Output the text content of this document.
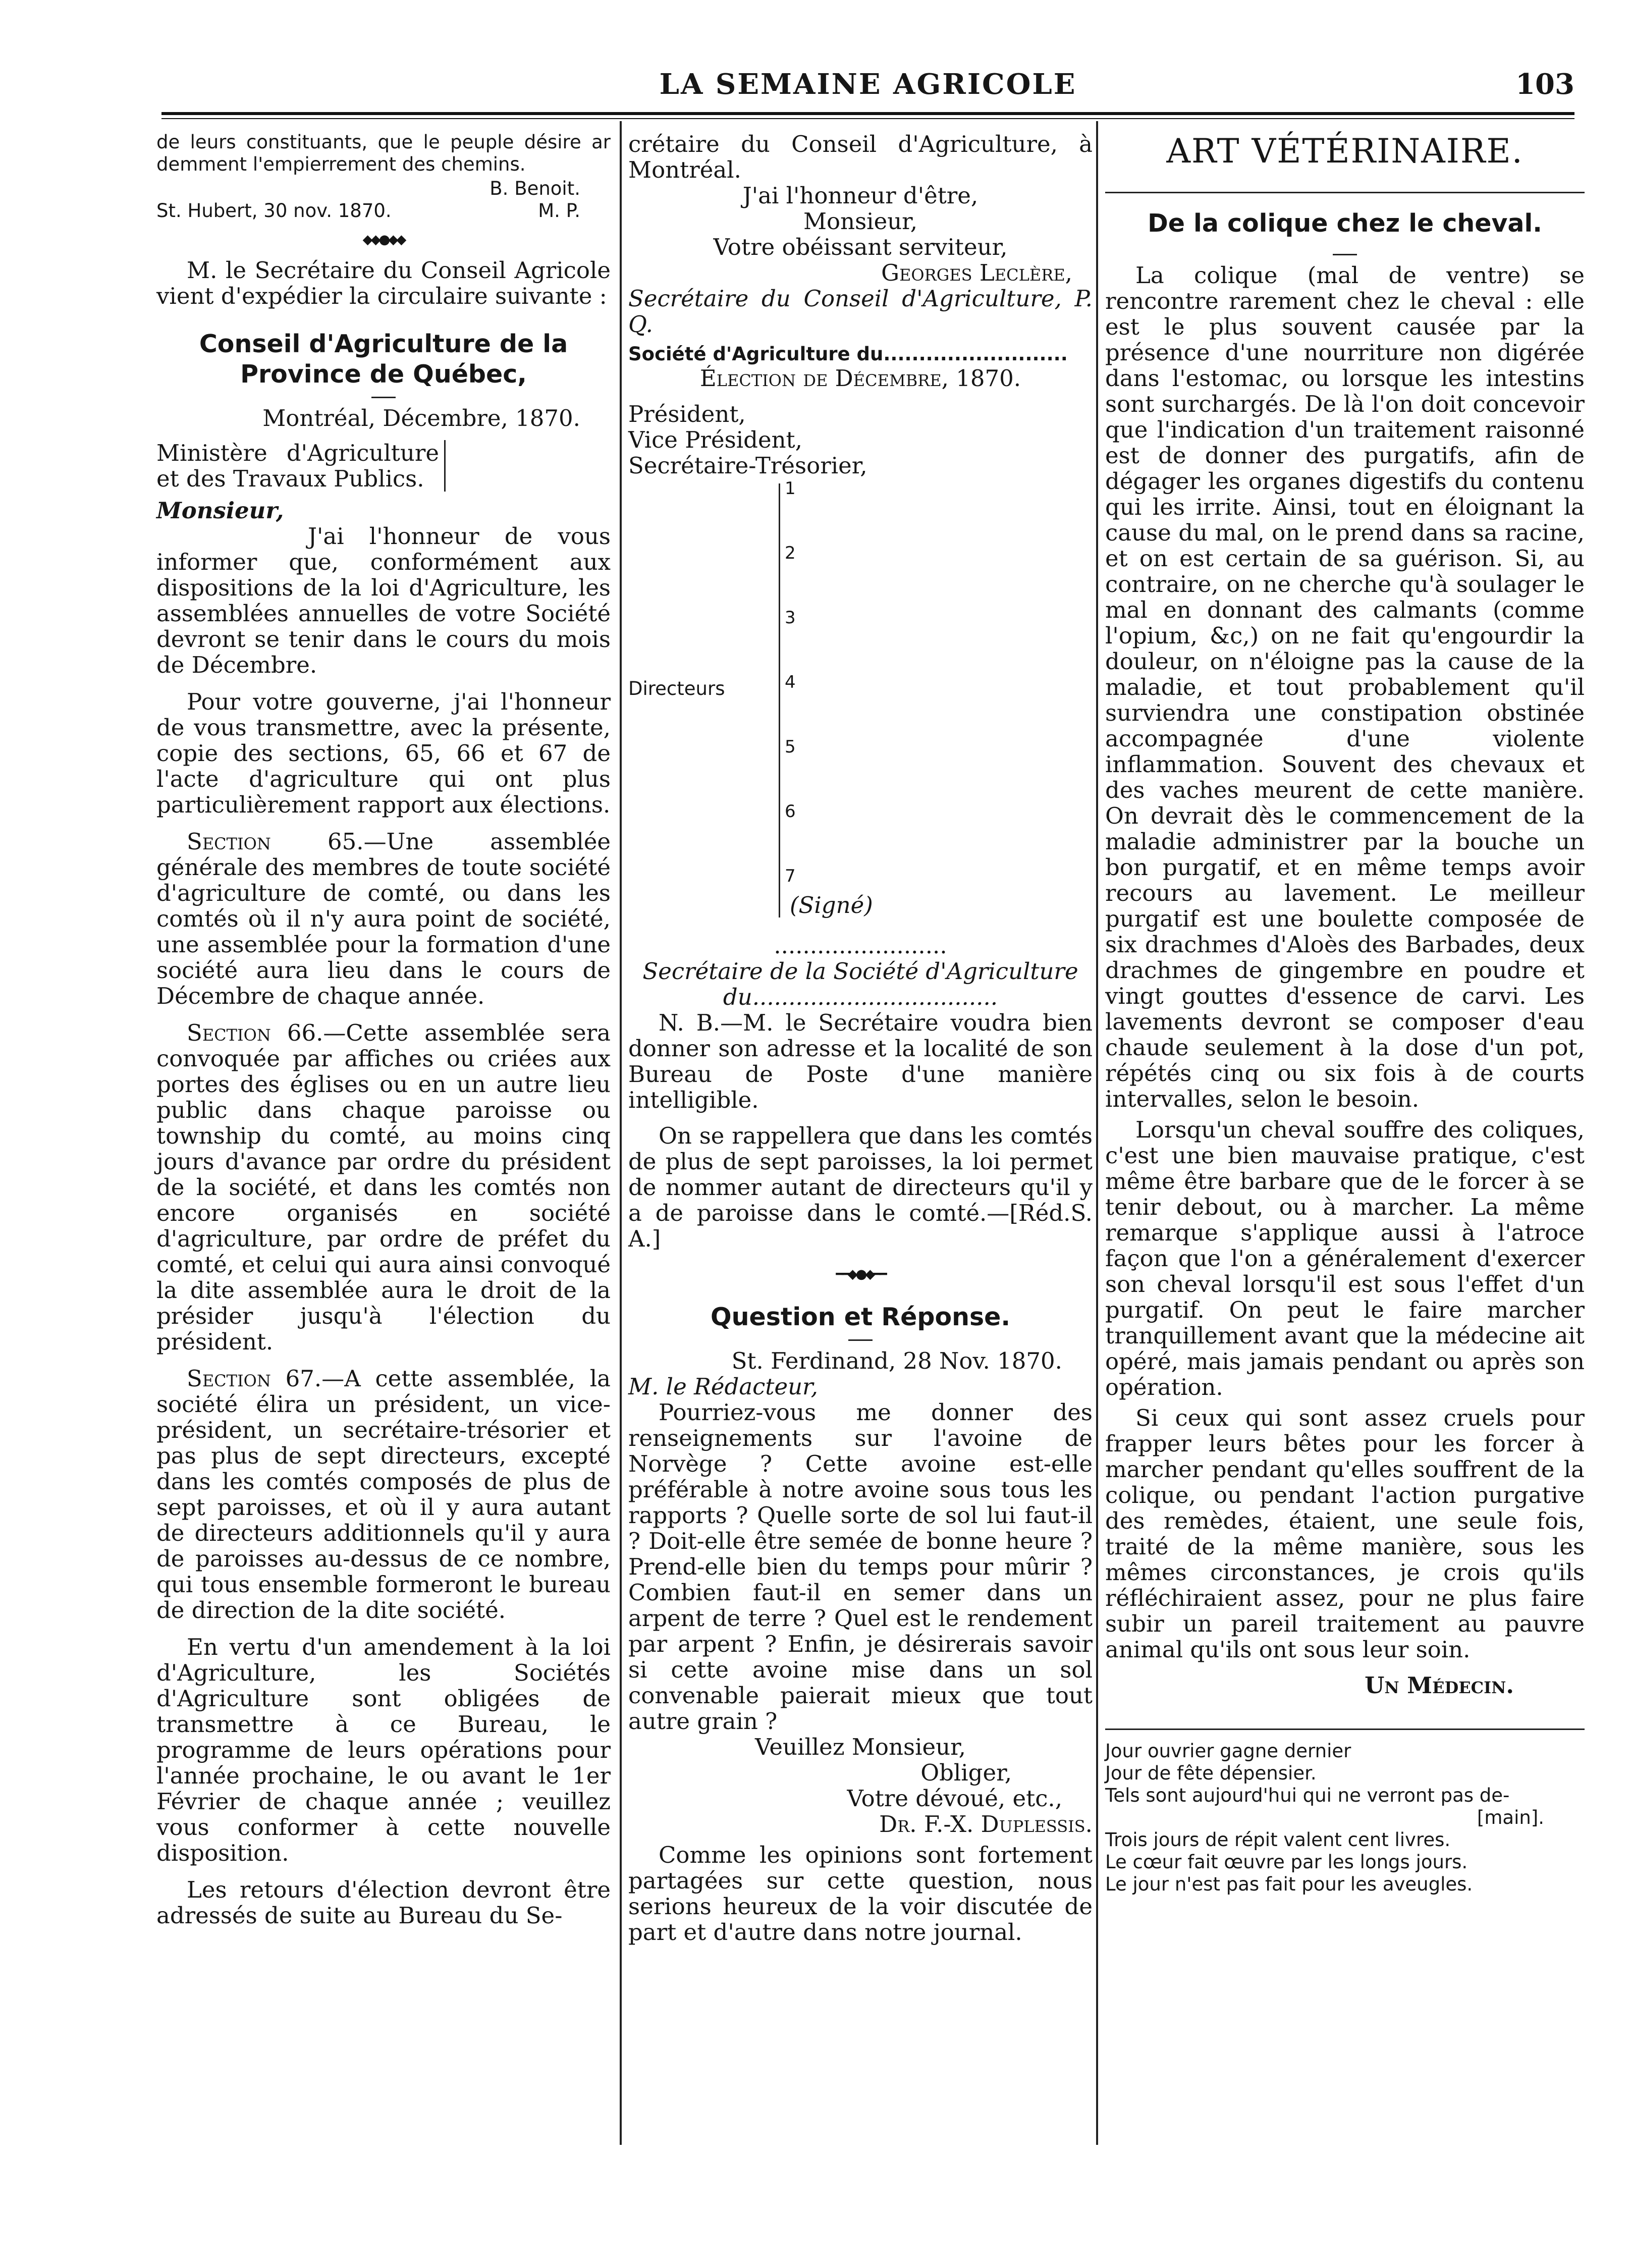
LA SEMAINE AGRICOLE	103

de leurs constituants, que le peuple désire ar demment l'empierrement des chemins.

B. Benoit.

St. Hubert, 30 nov. 1870.	M. P.
◆◆●◆◆

M. le Secrétaire du Conseil Agricole vient d'expédier la circulaire suivante :

Conseil d'Agriculture de la Province de Québec,

Montréal, Décembre, 1870.

Ministère d'Agriculture et des Travaux Publics.

Monsieur,

J'ai l'honneur de vous informer que, conformément aux dispositions de la loi d'Agriculture, les assemblées annuelles de votre Société devront se tenir dans le cours du mois de Décembre.

Pour votre gouverne, j'ai l'honneur de vous transmettre, avec la présente, copie des sections, 65, 66 et 67 de l'acte d'agriculture qui ont plus particulièrement rapport aux élections.

Section 65.—Une assemblée générale des membres de toute société d'agriculture de comté, ou dans les comtés où il n'y aura point de société, une assemblée pour la formation d'une société aura lieu dans le cours de Décembre de chaque année.

Section 66.—Cette assemblée sera convoquée par affiches ou criées aux portes des églises ou en un autre lieu public dans chaque paroisse ou township du comté, au moins cinq jours d'avance par ordre du président de la société, et dans les comtés non encore organisés en société d'agriculture, par ordre de préfet du comté, et celui qui aura ainsi convoqué la dite assemblée aura le droit de la présider jusqu'à l'élection du président.

Section 67.—A cette assemblée, la société élira un président, un vice-président, un secrétaire-trésorier et pas plus de sept directeurs, excepté dans les comtés composés de plus de sept paroisses, et où il y aura autant de directeurs additionnels qu'il y aura de paroisses au-dessus de ce nombre, qui tous ensemble formeront le bureau de direction de la dite société.

En vertu d'un amendement à la loi d'Agriculture, les Sociétés d'Agriculture sont obligées de transmettre à ce Bureau, le programme de leurs opérations pour l'année prochaine, le ou avant le 1er Février de chaque année ; veuillez vous conformer à cette nouvelle disposition.

Les retours d'élection devront être adressés de suite au Bureau du Se-

crétaire du Conseil d'Agriculture, à Montréal.

J'ai l'honneur d'être,

Monsieur,

Votre obéissant serviteur,

Georges Leclère,

Secrétaire du Conseil d'Agriculture, P. Q.

Société d'Agriculture du..........................

Élection de Décembre, 1870.

Président,

Vice Président,

Secrétaire-Trésorier,

Directeurs
1
2
3
4
5
6
7
(Signé)

........................

Secrétaire de la Société d'Agriculture

du..................................

N. B.—M. le Secrétaire voudra bien donner son adresse et la localité de son Bureau de Poste d'une manière intelligible.

On se rappellera que dans les comtés de plus de sept paroisses, la loi permet de nommer autant de directeurs qu'il y a de paroisse dans le comté.—[Réd.S. A.]

━━◆●◆━━
Question et Réponse.

St. Ferdinand, 28 Nov. 1870.

M. le Rédacteur,

Pourriez-vous me donner des renseignements sur l'avoine de Norvège ? Cette avoine est-elle préférable à notre avoine sous tous les rapports ? Quelle sorte de sol lui faut-il ? Doit-elle être semée de bonne heure ? Prend-elle bien du temps pour mûrir ? Combien faut-il en semer dans un arpent de terre ? Quel est le rendement par arpent ? Enfin, je désirerais savoir si cette avoine mise dans un sol convenable paierait mieux que tout autre grain ?

Veuillez Monsieur,

Obliger,

Votre dévoué, etc.,

Dr. F.-X. Duplessis.

Comme les opinions sont fortement partagées sur cette question, nous serions heureux de la voir discutée de part et d'autre dans notre journal.

ART VÉTÉRINAIRE.
De la colique chez le cheval.

La colique (mal de ventre) se rencontre rarement chez le cheval : elle est le plus souvent causée par la présence d'une nourriture non digérée dans l'estomac, ou lorsque les intestins sont surchargés. De là l'on doit concevoir que l'indication d'un traitement raisonné est de donner des purgatifs, afin de dégager les organes digestifs du contenu qui les irrite. Ainsi, tout en éloignant la cause du mal, on le prend dans sa racine, et on est certain de sa guérison. Si, au contraire, on ne cherche qu'à soulager le mal en donnant des calmants (comme l'opium, &c,) on ne fait qu'engourdir la douleur, on n'éloigne pas la cause de la maladie, et tout probablement qu'il surviendra une constipation obstinée accompagnée d'une violente inflammation. Souvent des chevaux et des vaches meurent de cette manière. On devrait dès le commencement de la maladie administrer par la bouche un bon purgatif, et en même temps avoir recours au lavement. Le meilleur purgatif est une boulette composée de six drachmes d'Aloès des Barbades, deux drachmes de gingembre en poudre et vingt gouttes d'essence de carvi. Les lavements devront se composer d'eau chaude seulement à la dose d'un pot, répétés cinq ou six fois à de courts intervalles, selon le besoin.

Lorsqu'un cheval souffre des coliques, c'est une bien mauvaise pratique, c'est même être barbare que de le forcer à se tenir debout, ou à marcher. La même remarque s'applique aussi à l'atroce façon que l'on a généralement d'exercer son cheval lorsqu'il est sous l'effet d'un purgatif. On peut le faire marcher tranquillement avant que la médecine ait opéré, mais jamais pendant ou après son opération.

Si ceux qui sont assez cruels pour frapper leurs bêtes pour les forcer à marcher pendant qu'elles souffrent de la colique, ou pendant l'action purgative des remèdes, étaient, une seule fois, traité de la même manière, sous les mêmes circonstances, je crois qu'ils réfléchiraient assez, pour ne plus faire subir un pareil traitement au pauvre animal qu'ils ont sous leur soin.

Un Médecin.

Jour ouvrier gagne dernier

Jour de fête dépensier.

Tels sont aujourd'hui qui ne verront pas de-

[main].

Trois jours de répit valent cent livres.

Le cœur fait œuvre par les longs jours.

Le jour n'est pas fait pour les aveugles.
